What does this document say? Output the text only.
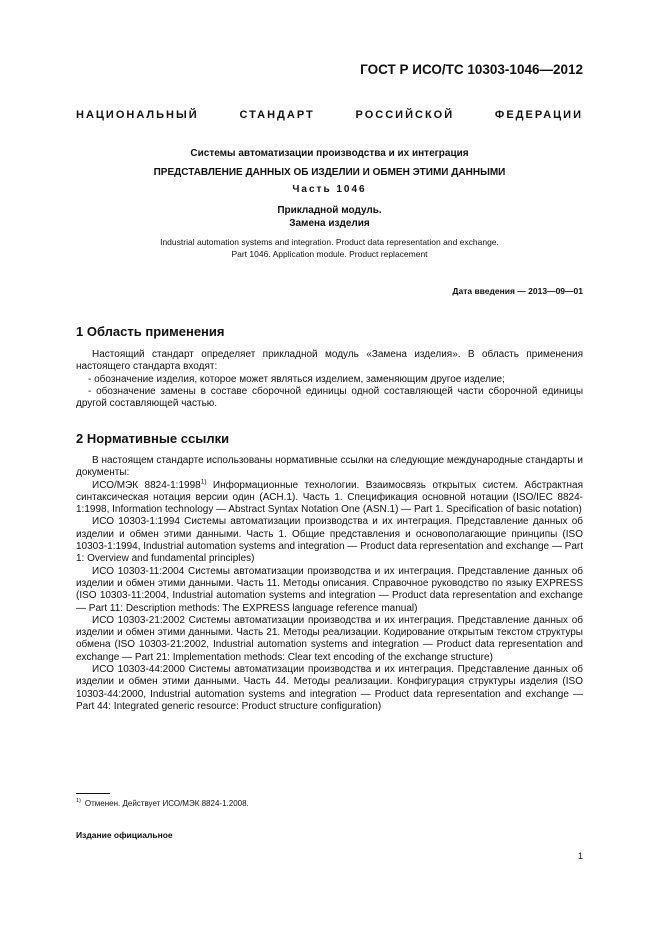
ГОСТ Р ИСО/ТС 10303-1046—2012
НАЦИОНАЛЬНЫЙ СТАНДАРТ РОССИЙСКОЙ ФЕДЕРАЦИИ
Системы автоматизации производства и их интеграция
ПРЕДСТАВЛЕНИЕ ДАННЫХ ОБ ИЗДЕЛИИ И ОБМЕН ЭТИМИ ДАННЫМИ
Часть 1046
Прикладной модуль.
Замена изделия
Industrial automation systems and integration. Product data representation and exchange.
Part 1046. Application module. Product replacement
Дата введения — 2013—09—01
1 Область применения

Настоящий стандарт определяет прикладной модуль «Замена изделия». В область применения настоящего стандарта входят:

- обозначение изделия, которое может являться изделием, заменяющим другое изделие;

- обозначение замены в составе сборочной единицы одной составляющей части сборочной единицы другой составляющей частью.

2 Нормативные ссылки

В настоящем стандарте использованы нормативные ссылки на следующие международные стандарты и документы:

ИСО/МЭК 8824-1:1998$^{1)}$ Информационные технологии. Взаимосвязь открытых систем. Абстрактная синтаксическая нотация версии один (АСН.1). Часть 1. Спецификация основной нотации (ISO/IEC 8824-1:1998, Information technology — Abstract Syntax Notation One (ASN.1) — Part 1. Specification of basic notation)

ИСО 10303-1:1994 Системы автоматизации производства и их интеграция. Представление данных об изделии и обмен этими данными. Часть 1. Общие представления и основополагающие принципы (ISO 10303-1:1994, Industrial automation systems and integration — Product data representation and exchange — Part 1: Overview and fundamental principles)

ИСО 10303-11:2004 Системы автоматизации производства и их интеграция. Представление данных об изделии и обмен этими данными. Часть 11. Методы описания. Справочное руководство по языку EXPRESS (ISO 10303-11:2004, Industrial automation systems and integration — Product data representation and exchange — Part 11: Description methods: The EXPRESS language reference manual)

ИСО 10303-21:2002 Системы автоматизации производства и их интеграция. Представление данных об изделии и обмен этими данными. Часть 21. Методы реализации. Кодирование открытым текстом структуры обмена (ISO 10303-21:2002, Industrial automation systems and integration — Product data representation and exchange — Part 21: Implementation methods: Clear text encoding of the exchange structure)

ИСО 10303-44:2000 Системы автоматизации производства и их интеграция. Представление данных об изделии и обмен этими данными. Часть 44. Методы реализации. Конфигурация структуры изделия (ISO 10303-44:2000, Industrial automation systems and integration — Product data representation and exchange — Part 44: Integrated generic resource: Product structure configuration)

$^{1)}$ Отменен. Действует ИСО/МЭК 8824-1.2008.
Издание официальное
1
